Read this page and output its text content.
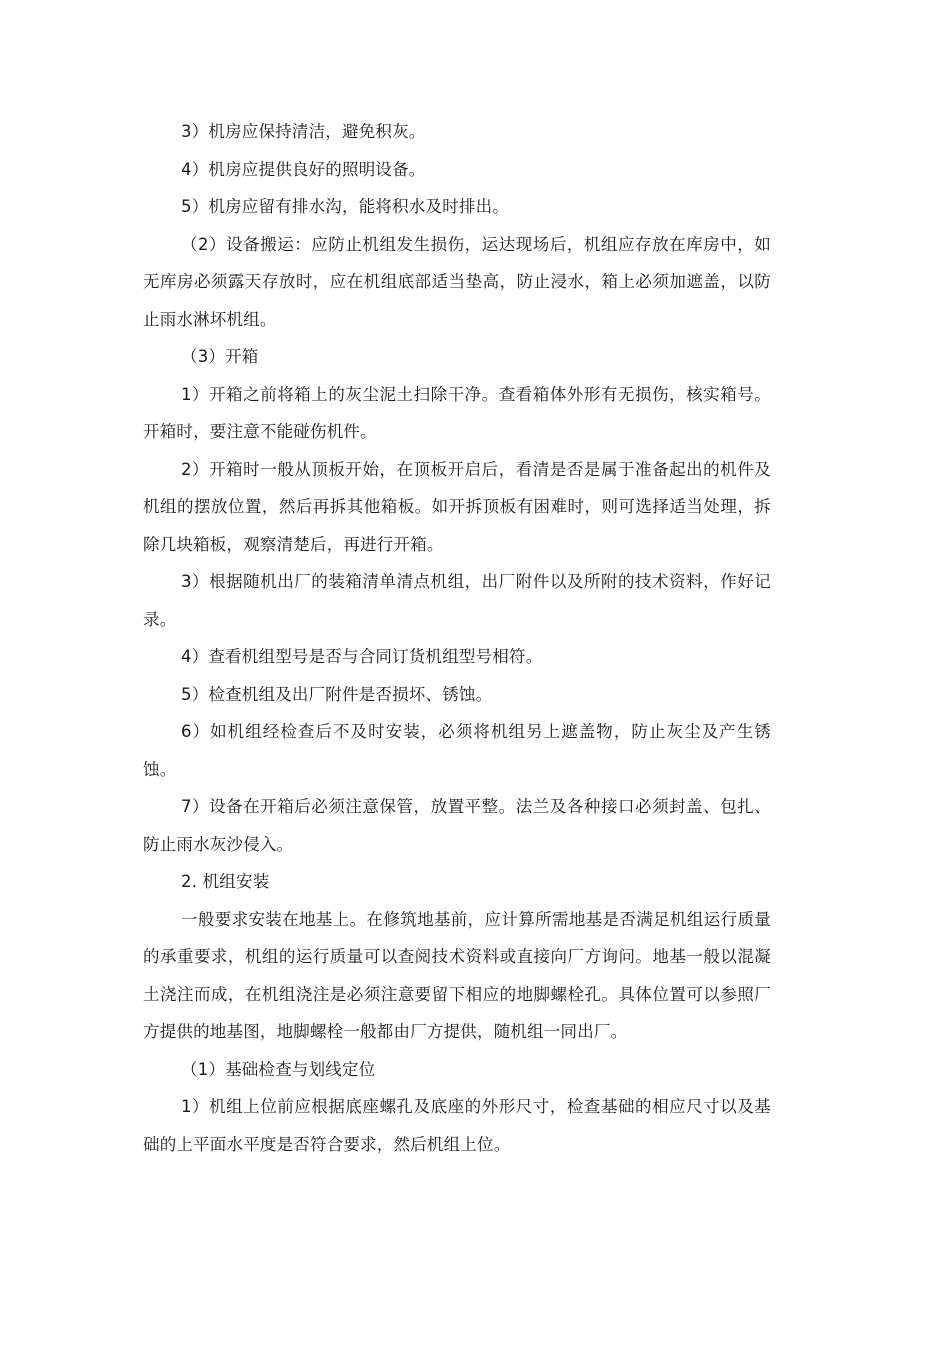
3）机房应保持清洁，避免积灰。

4）机房应提供良好的照明设备。

5）机房应留有排水沟，能将积水及时排出。

（2）设备搬运：应防止机组发生损伤，运达现场后，机组应存放在库房中，如无库房必须露天存放时，应在机组底部适当垫高，防止浸水，箱上必须加遮盖，以防止雨水淋坏机组。

（3）开箱

1）开箱之前将箱上的灰尘泥土扫除干净。查看箱体外形有无损伤，核实箱号。开箱时，要注意不能碰伤机件。

2）开箱时一般从顶板开始，在顶板开启后，看清是否是属于准备起出的机件及机组的摆放位置，然后再拆其他箱板。如开拆顶板有困难时，则可选择适当处理，拆除几块箱板，观察清楚后，再进行开箱。

3）根据随机出厂的装箱清单清点机组，出厂附件以及所附的技术资料，作好记录。

4）查看机组型号是否与合同订货机组型号相符。

5）检查机组及出厂附件是否损坏、锈蚀。

6）如机组经检查后不及时安装，必须将机组另上遮盖物，防止灰尘及产生锈蚀。

7）设备在开箱后必须注意保管，放置平整。法兰及各种接口必须封盖、包扎、防止雨水灰沙侵入。

2. 机组安装

一般要求安装在地基上。在修筑地基前，应计算所需地基是否满足机组运行质量的承重要求，机组的运行质量可以查阅技术资料或直接向厂方询问。地基一般以混凝土浇注而成，在机组浇注是必须注意要留下相应的地脚螺栓孔。具体位置可以参照厂方提供的地基图，地脚螺栓一般都由厂方提供，随机组一同出厂。

（1）基础检查与划线定位

1）机组上位前应根据底座螺孔及底座的外形尺寸，检查基础的相应尺寸以及基础的上平面水平度是否符合要求，然后机组上位。
